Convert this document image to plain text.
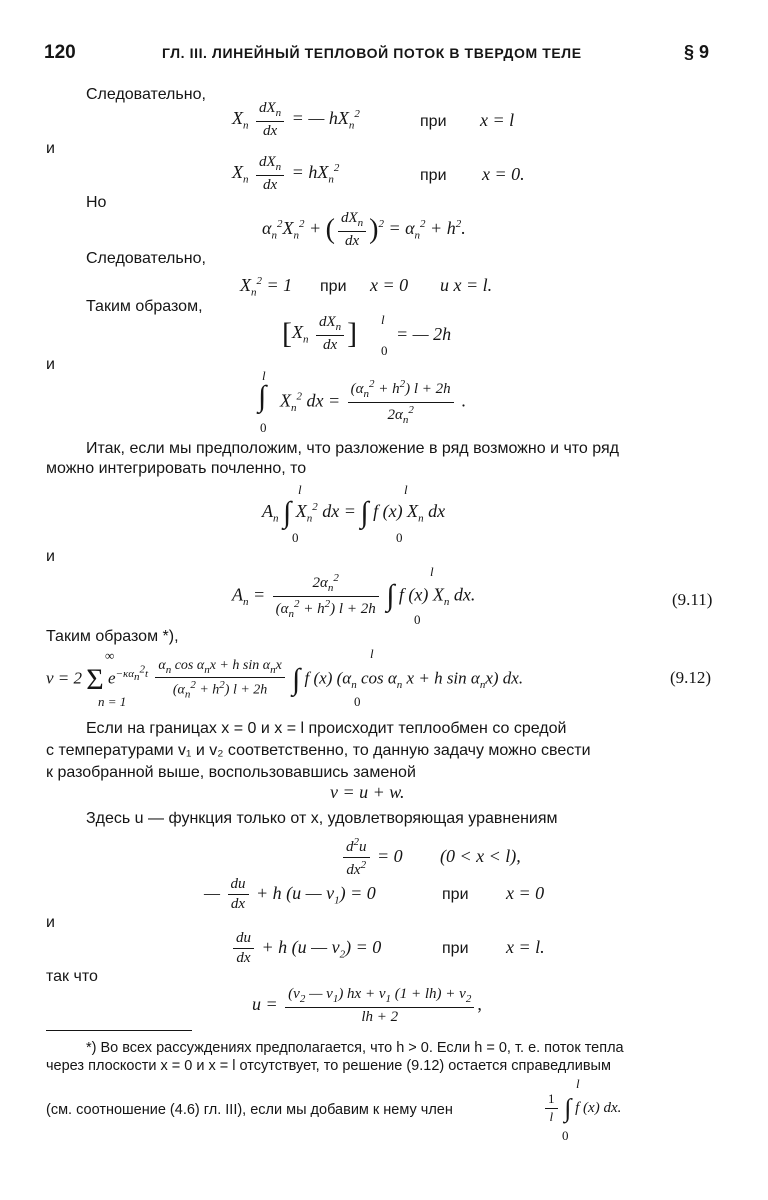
120	ГЛ. III. ЛИНЕЙНЫЙ ТЕПЛОВОЙ ПОТОК В ТВЕРДОМ ТЕЛЕ	§ 9
Следовательно,
$X_n \frac{dX_n}{dx}$ = — $hX_n^2$	при x = l
и
$X_n \frac{dX_n}{dx} = hX_n^2$	при x = 0.
Но
$\alpha_n^2X_n^2$ + ( $\frac{dX_n}{dx} )^2 = \alpha_n^2 + h^2$.
Следовательно,
$X_n^2 = 1$ при x = 0 и x = l.
Таким образом,
[$X_n \frac{dX_n}{dx}$ ] l
0
= — 2h
и
l
∫
0
$X_n^2$ dx = $\frac{(\alpha_n^2 + h^2) l + 2h}{2\alpha_n^2}$ .
Итак, если мы предположим, что разложение в ряд возможно и что ряд
можно интегрировать почленно, то
l
$A_n$ ∫ $X_n^2$ dx = ∫ f (x) $X_n$ dx
0
l
0
и
l
$A_n = \frac{2\alpha_n^2}{(\alpha_n^2 + h^2) l + 2h}$ ∫ f (x) $X_n$ dx.
0
(9.11)
Таким образом *),
∞
n = 1
l
0
v = 2 Σ $e^{-\kappa\alpha_n^2t} \frac{\alpha_n \cos \alpha_nx + h \sin \alpha_nx}{(\alpha_n^2 + h^2) l + 2h}$ ∫ f (x) ($\alpha_n$ $\cos \alpha_n$ x + h $\sin \alpha_nx$) dx.	(9.12)
Если на границах x = 0 и x = l происходит теплообмен со средой
с температурами v₁ и v₂ соответственно, то данную задачу можно свести
к разобранной выше, воспользовавшись заменой
v = u + w.
Здесь u — функция только от x, удовлетворяющая уравнениям
$\frac{d^2u}{dx^2} = 0$ (0 < x < l),
— $\frac{du}{dx} + h$ (u — $v_1) = 0$	при x = 0
и
$\frac{du}{dx} + h$ (u — $v_2) = 0$	при x = l.
так что
$u = \frac{(v_2 — v_1) hx + v_1 (1 + lh) + v_2}{lh + 2}$ ,
*) Во всех рассуждениях предполагается, что h > 0. Если h = 0, т. е. поток тепла
через плоскости x = 0 и x = l отсутствует, то решение (9.12) остается справедливым
(см. соотношение (4.6) гл. III), если мы добавим к нему член
l
$\frac{1}{l}$ ∫ f (x) dx.
0
